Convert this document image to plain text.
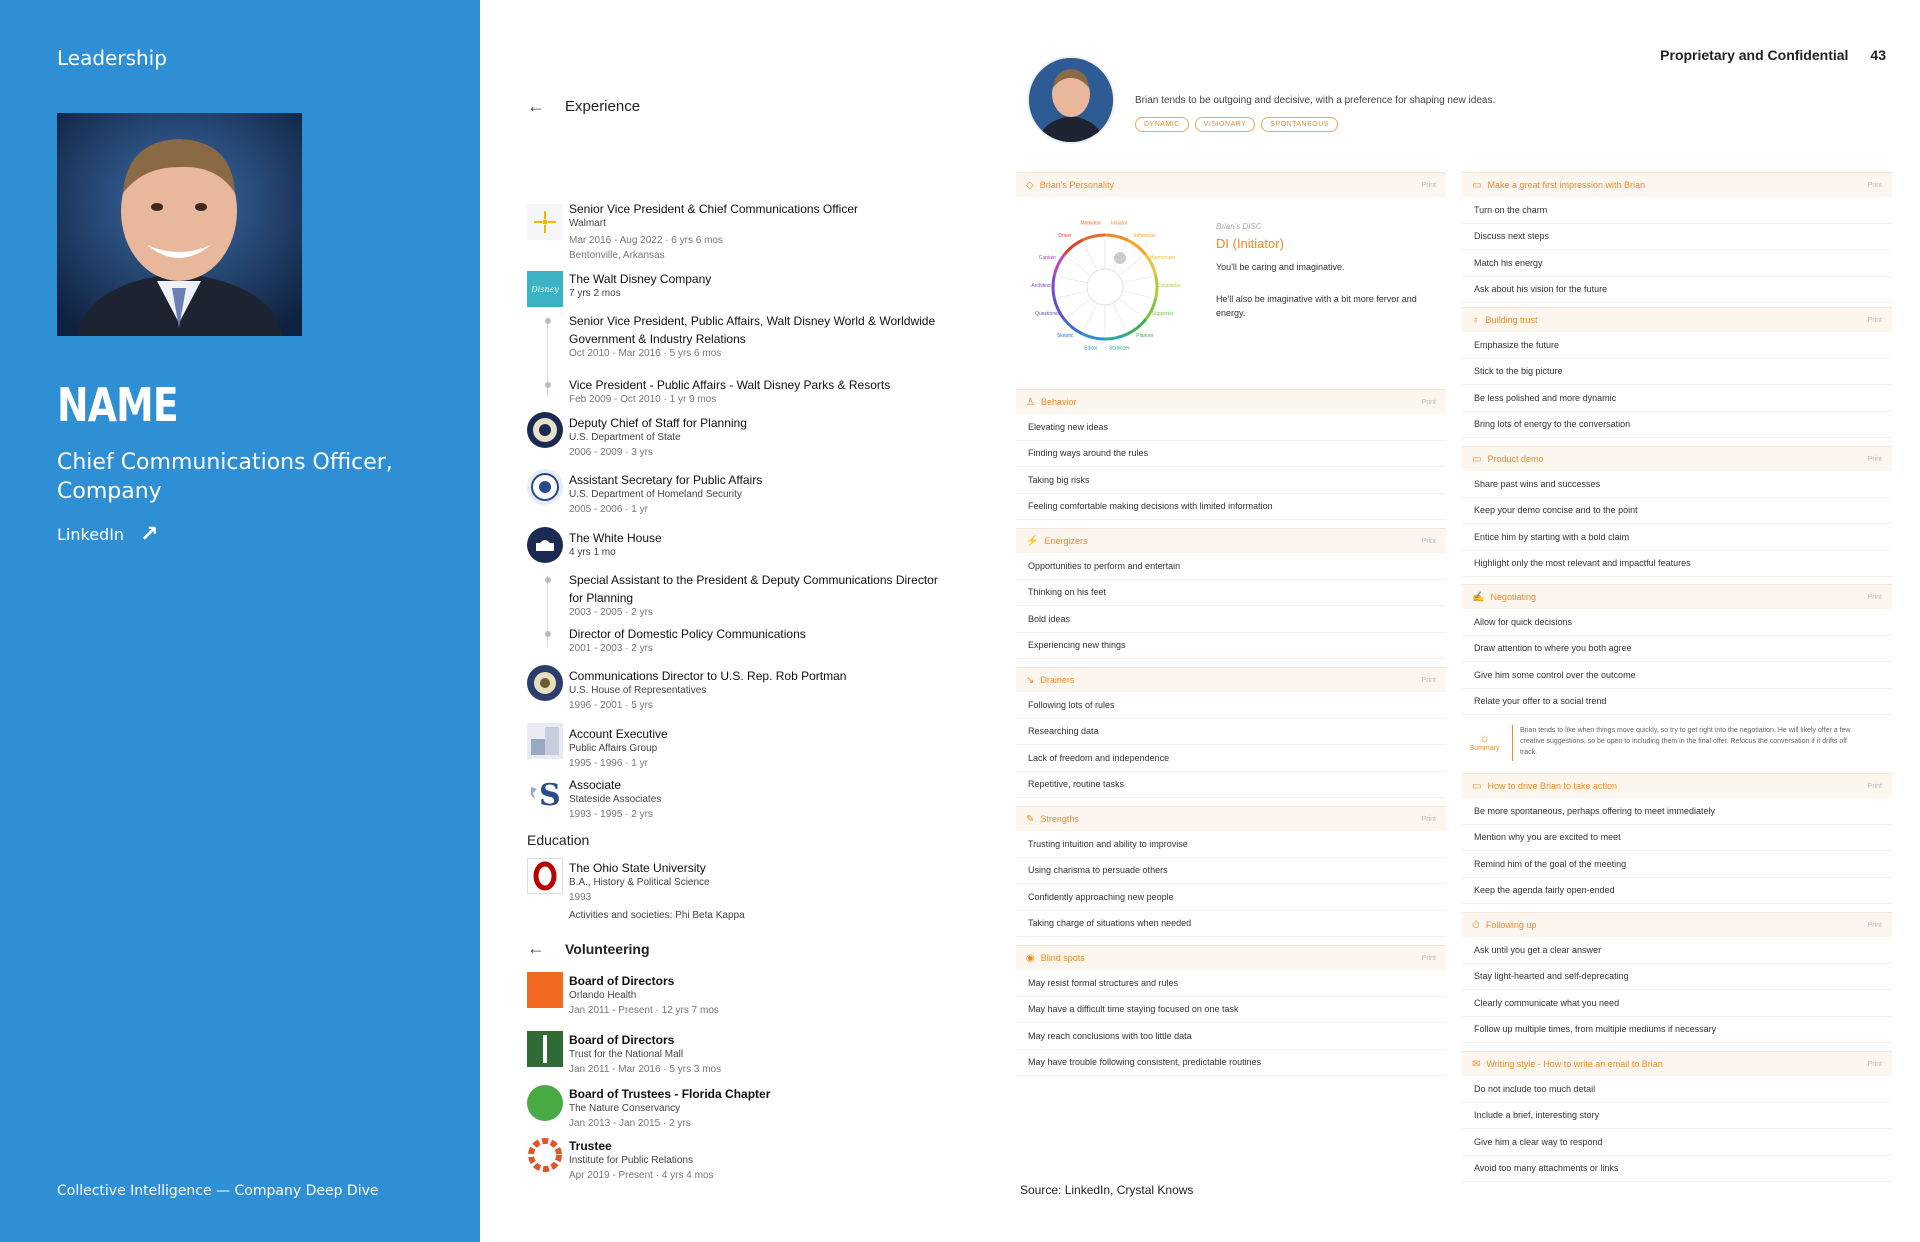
Leadership
NAME
Chief Communications Officer, Company
LinkedIn ↗
Collective Intelligence — Company Deep Dive
Proprietary and Confidential 43
← Experience
Senior Vice President & Chief Communications Officer
Walmart
Mar 2016 - Aug 2022 · 6 yrs 6 mos
Bentonville, Arkansas
Disney
The Walt Disney Company
7 yrs 2 mos
Senior Vice President, Public Affairs, Walt Disney World & Worldwide
Government & Industry Relations
Oct 2010 - Mar 2016 · 5 yrs 6 mos
Vice President - Public Affairs - Walt Disney Parks & Resorts
Feb 2009 - Oct 2010 · 1 yr 9 mos
Deputy Chief of Staff for Planning
U.S. Department of State
2006 - 2009 · 3 yrs
Assistant Secretary for Public Affairs
U.S. Department of Homeland Security
2005 - 2006 · 1 yr
The White House
4 yrs 1 mo
Special Assistant to the President & Deputy Communications Director
for Planning
2003 - 2005 · 2 yrs
Director of Domestic Policy Communications
2001 - 2003 · 2 yrs
Communications Director to U.S. Rep. Rob Portman
U.S. House of Representatives
1996 - 2001 · 5 yrs
Account Executive
Public Affairs Group
1995 - 1996 · 1 yr
S Associate
Stateside Associates
1993 - 1995 · 2 yrs
Education
The Ohio State University
B.A., History & Political Science
1993
Activities and societies: Phi Beta Kappa
← Volunteering
Board of Directors
Orlando Health
Jan 2011 - Present · 12 yrs 7 mos
Board of Directors
Trust for the National Mall
Jan 2011 - Mar 2016 · 5 yrs 3 mos
Board of Trustees - Florida Chapter
The Nature Conservancy
Jan 2013 - Jan 2015 · 2 yrs
Trustee
Institute for Public Relations
Apr 2019 - Present · 4 yrs 4 mos
Brian tends to be outgoing and decisive, with a preference for shaping new ideas.
DYNAMIC	VISIONARY	SPONTANEOUS
◇ Brian's Personality	Print
Initiator
Influencer
Harmonizer
Counselor
Supporter
Planner
Stabilizer
Editor
Skeptic
Questioner
Architect
Captain
Driver
Motivator	Brian's DISC
DI (Initiator)
You'll be caring and imaginative.
He'll also be imaginative with a bit more fervor and energy.
♙ Behavior	Print
Elevating new ideas
Finding ways around the rules
Taking big risks
Feeling comfortable making decisions with limited information
⚡ Energizers	Print
Opportunities to perform and entertain
Thinking on his feet
Bold ideas
Experiencing new things
↘ Drainers	Print
Following lots of rules
Researching data
Lack of freedom and independence
Repetitive, routine tasks
✎ Strengths	Print
Trusting intuition and ability to improvise
Using charisma to persuade others
Confidently approaching new people
Taking charge of situations when needed
◉ Blind spots	Print
May resist formal structures and rules
May have a difficult time staying focused on one task
May reach conclusions with too little data
May have trouble following consistent, predictable routines
▭ Make a great first impression with Brian	Print
Turn on the charm
Discuss next steps
Match his energy
Ask about his vision for the future
♁ Building trust	Print
Emphasize the future
Stick to the big picture
Be less polished and more dynamic
Bring lots of energy to the conversation
▭ Product demo	Print
Share past wins and successes
Keep your demo concise and to the point
Entice him by starting with a bold claim
Highlight only the most relevant and impactful features
✍ Negotiating	Print
Allow for quick decisions
Draw attention to where you both agree
Give him some control over the outcome
Relate your offer to a social trend
▭ How to drive Brian to take action	Print
Be more spontaneous, perhaps offering to meet immediately
Mention why you are excited to meet
Remind him of the goal of the meeting
Keep the agenda fairly open-ended
⏱ Following up	Print
Ask until you get a clear answer
Stay light-hearted and self-deprecating
Clearly communicate what you need
Follow up multiple times, from multiple mediums if necessary
✉ Writing style - How to write an email to Brian	Print
Do not include too much detail
Include a brief, interesting story
Give him a clear way to respond
Avoid too many attachments or links
☼
Summary
Brian tends to like when things move quickly, so try to get right into the negotiation. He will likely offer a few creative suggestions, so be open to including them in the final offer. Refocus the conversation if it drifts off track.
Source: LinkedIn, Crystal Knows
